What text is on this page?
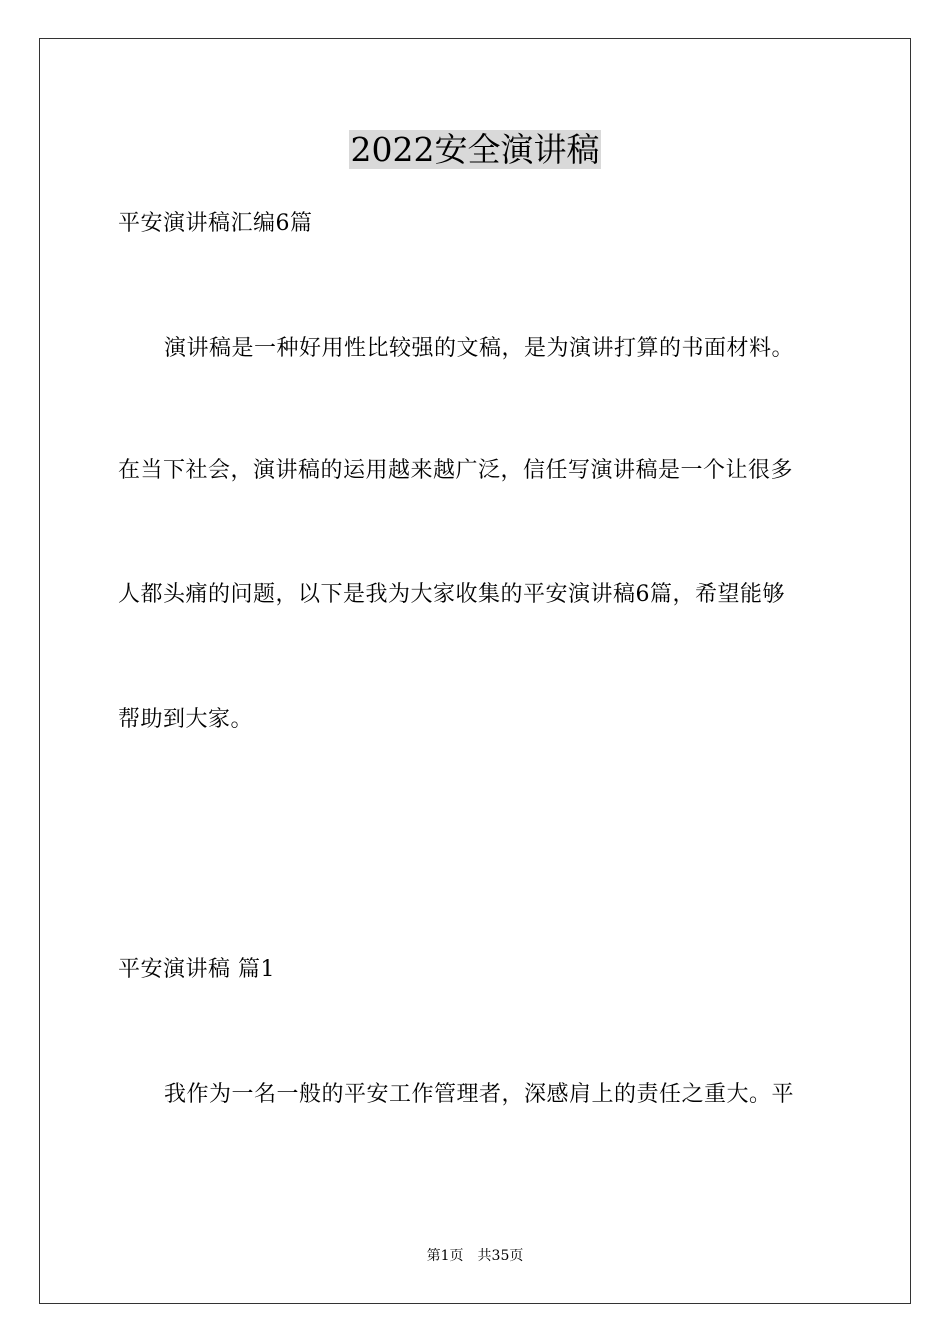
2022安全演讲稿
平安演讲稿汇编6篇
演讲稿是一种好用性比较强的文稿，是为演讲打算的书面材料。
在当下社会，演讲稿的运用越来越广泛，信任写演讲稿是一个让很多
人都头痛的问题，以下是我为大家收集的平安演讲稿6篇，希望能够
帮助到大家。
平安演讲稿 篇1
我作为一名一般的平安工作管理者，深感肩上的责任之重大。平
第1页 共35页
